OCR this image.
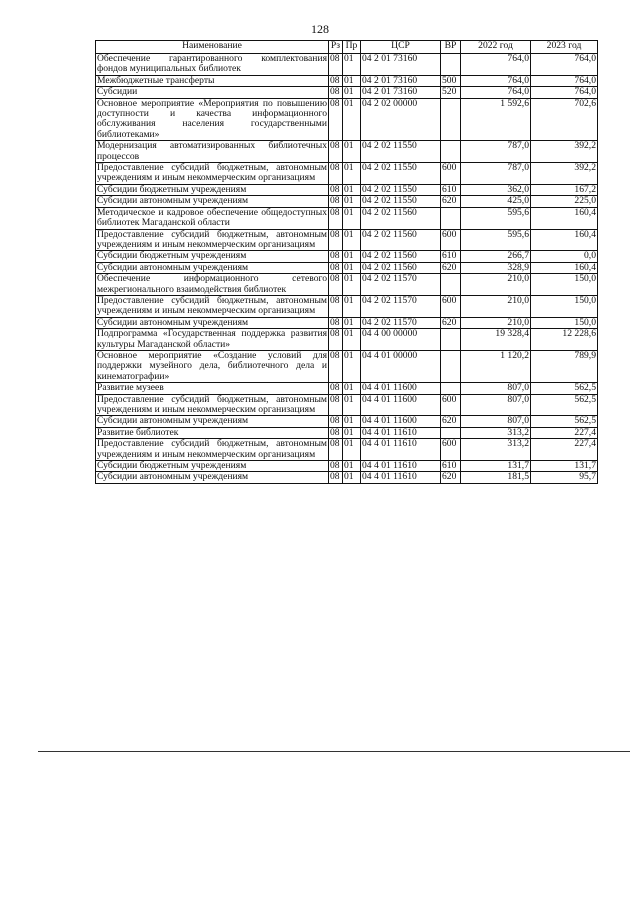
128
Наименование	Рз	Пр	ЦСР	ВР	2022 год	2023 год
Обеспечение гарантированного комплектования фондов муниципальных библиотек	08	01	04 2 01 73160		764,0	764,0
Межбюджетные трансферты	08	01	04 2 01 73160	500	764,0	764,0
Субсидии	08	01	04 2 01 73160	520	764,0	764,0
Основное мероприятие «Мероприятия по повышению доступности и качества информационного обслуживания населения государственными библиотеками»	08	01	04 2 02 00000		1 592,6	702,6
Модернизация автоматизированных библиотечных процессов	08	01	04 2 02 11550		787,0	392,2
Предоставление субсидий бюджетным, автономным учреждениям и иным некоммерческим организациям	08	01	04 2 02 11550	600	787,0	392,2
Субсидии бюджетным учреждениям	08	01	04 2 02 11550	610	362,0	167,2
Субсидии автономным учреждениям	08	01	04 2 02 11550	620	425,0	225,0
Методическое и кадровое обеспечение общедоступных библиотек Магаданской области	08	01	04 2 02 11560		595,6	160,4
Предоставление субсидий бюджетным, автономным учреждениям и иным некоммерческим организациям	08	01	04 2 02 11560	600	595,6	160,4
Субсидии бюджетным учреждениям	08	01	04 2 02 11560	610	266,7	0,0
Субсидии автономным учреждениям	08	01	04 2 02 11560	620	328,9	160,4
Обеспечение информационного сетевого межрегионального взаимодействия библиотек	08	01	04 2 02 11570		210,0	150,0
Предоставление субсидий бюджетным, автономным учреждениям и иным некоммерческим организациям	08	01	04 2 02 11570	600	210,0	150,0
Субсидии автономным учреждениям	08	01	04 2 02 11570	620	210,0	150,0
Подпрограмма «Государственная поддержка развития культуры Магаданской области»	08	01	04 4 00 00000		19 328,4	12 228,6
Основное мероприятие «Создание условий для поддержки музейного дела, библиотечного дела и кинематографии»	08	01	04 4 01 00000		1 120,2	789,9
Развитие музеев	08	01	04 4 01 11600		807,0	562,5
Предоставление субсидий бюджетным, автономным учреждениям и иным некоммерческим организациям	08	01	04 4 01 11600	600	807,0	562,5
Субсидии автономным учреждениям	08	01	04 4 01 11600	620	807,0	562,5
Развитие библиотек	08	01	04 4 01 11610		313,2	227,4
Предоставление субсидий бюджетным, автономным учреждениям и иным некоммерческим организациям	08	01	04 4 01 11610	600	313,2	227,4
Субсидии бюджетным учреждениям	08	01	04 4 01 11610	610	131,7	131,7
Субсидии автономным учреждениям	08	01	04 4 01 11610	620	181,5	95,7
